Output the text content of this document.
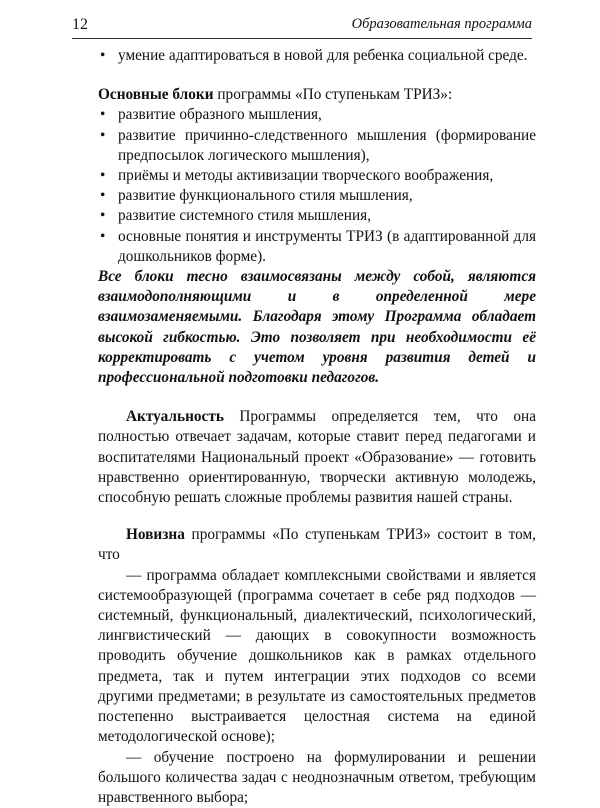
12	Образовательная программа
• умение адаптироваться в новой для ребенка социальной среде.

Основные блоки программы «По ступенькам ТРИЗ»:

• развитие образного мышления,
• развитие причинно-следственного мышления (формирование предпосылок логического мышления),
• приёмы и методы активизации творческого воображения,
• развитие функционального стиля мышления,
• развитие системного стиля мышления,
• основные понятия и инструменты ТРИЗ (в адаптированной для дошкольников форме).

Все блоки тесно взаимосвязаны между собой, являются взаимодополняющими и в определенной мере взаимозаменяемыми. Благодаря этому Программа обладает высокой гибкостью. Это позволяет при необходимости её корректировать с учетом уровня развития детей и профессиональной подготовки педагогов.

Актуальность Программы определяется тем, что она полностью отвечает задачам, которые ставит перед педагогами и воспитателями Национальный проект «Образование» — готовить нравственно ориентированную, творчески активную молодежь, способную решать сложные проблемы развития нашей страны.

Новизна программы «По ступенькам ТРИЗ» состоит в том, что

— программа обладает комплексными свойствами и является системообразующей (программа сочетает в себе ряд подходов — системный, функциональный, диалектический, психологический, лингвистический — дающих в совокупности возможность проводить обучение дошкольников как в рамках отдельного предмета, так и путем интеграции этих подходов со всеми другими предметами; в результате из самостоятельных предметов постепенно выстраивается целостная система на единой методологической основе);

— обучение построено на формулировании и решении большого количества задач с неоднозначным ответом, требующим нравственного выбора;
